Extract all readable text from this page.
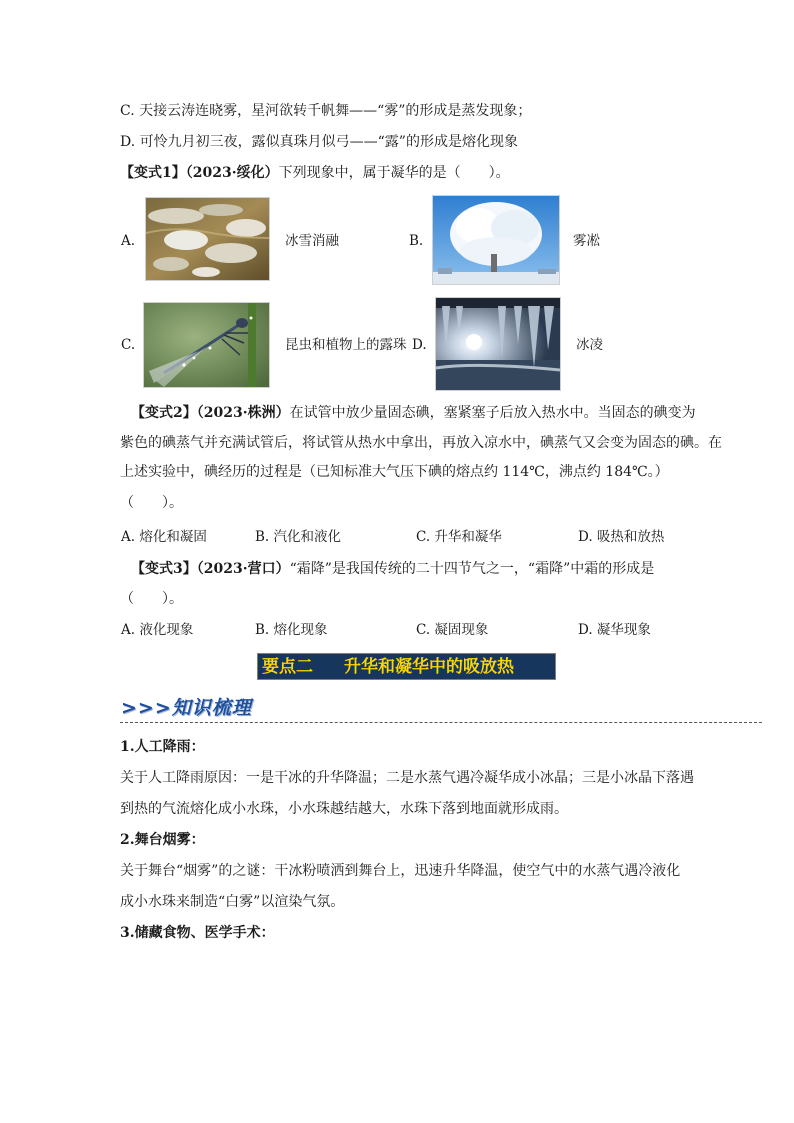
C. 天接云涛连晓雾，星河欲转千帆舞——“雾”的形成是蒸发现象；
D. 可怜九月初三夜，露似真珠月似弓——“露”的形成是熔化现象
【变式1】（2023·绥化）下列现象中，属于凝华的是（　　）。
A.	冰雪消融	B.	雾凇
C.	昆虫和植物上的露珠 D.	冰凌
【变式2】（2023·株洲）在试管中放少量固态碘，塞紧塞子后放入热水中。当固态的碘变为
紫色的碘蒸气并充满试管后，将试管从热水中拿出，再放入凉水中，碘蒸气又会变为固态的碘。在
上述实验中，碘经历的过程是（已知标准大气压下碘的熔点约 114℃，沸点约 184℃。）
（　　）。
A. 熔化和凝固	B. 汽化和液化	C. 升华和凝华	D. 吸热和放热
【变式3】（2023·营口）“霜降”是我国传统的二十四节气之一，“霜降”中霜的形成是
（　　）。
A. 液化现象	B. 熔化现象	C. 凝固现象	D. 凝华现象
要点二 升华和凝华中的吸放热
>>>知识梳理
1.人工降雨：
关于人工降雨原因：一是干冰的升华降温；二是水蒸气遇冷凝华成小冰晶；三是小冰晶下落遇
到热的气流熔化成小水珠，小水珠越结越大，水珠下落到地面就形成雨。
2.舞台烟雾：
关于舞台“烟雾”的之谜：干冰粉喷洒到舞台上，迅速升华降温，使空气中的水蒸气遇冷液化
成小水珠来制造“白雾”以渲染气氛。
3.储藏食物、医学手术：
